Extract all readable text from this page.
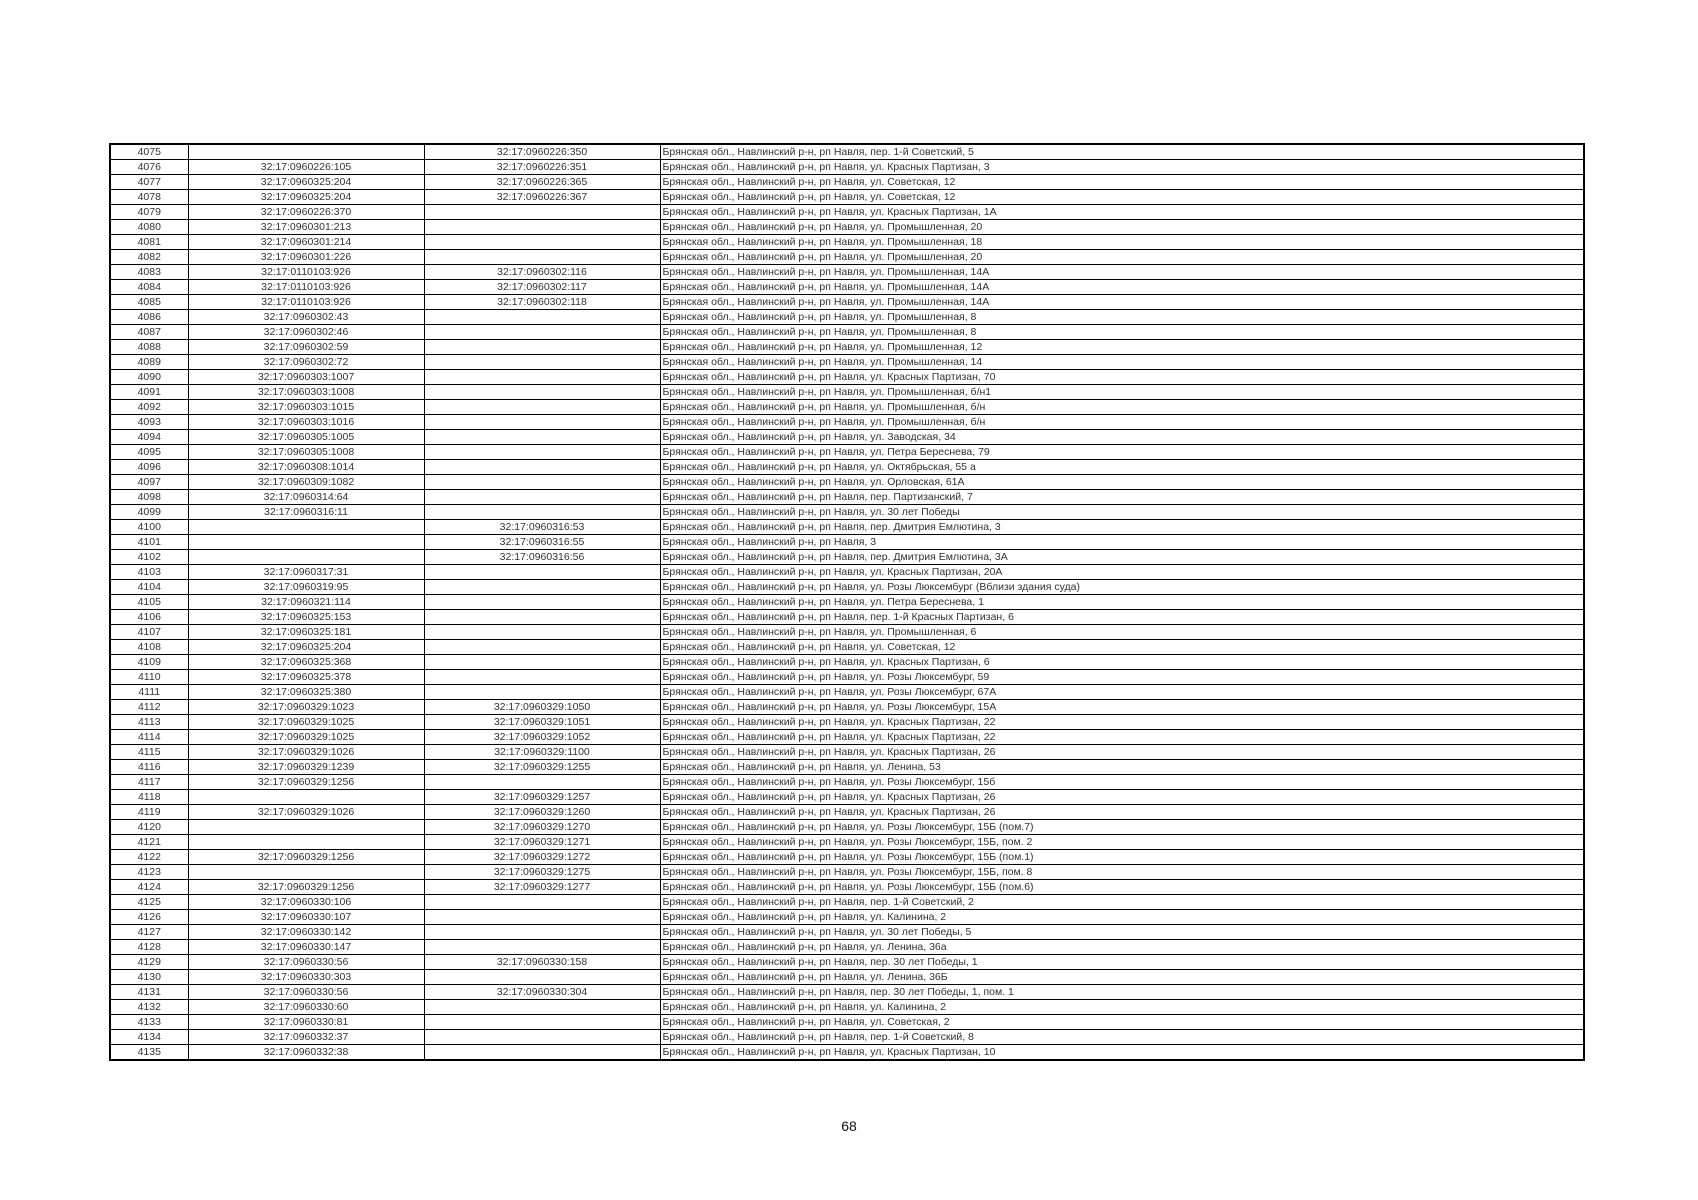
4075		32:17:0960226:350	Брянская обл., Навлинский р-н, рп Навля, пер. 1-й Советский, 5
4076	32:17:0960226:105	32:17:0960226:351	Брянская обл., Навлинский р-н, рп Навля, ул. Красных Партизан, 3
4077	32:17:0960325:204	32:17:0960226:365	Брянская обл., Навлинский р-н, рп Навля, ул. Советская, 12
4078	32:17:0960325:204	32:17:0960226:367	Брянская обл., Навлинский р-н, рп Навля, ул. Советская, 12
4079	32:17:0960226:370		Брянская обл., Навлинский р-н, рп Навля, ул. Красных Партизан, 1А
4080	32:17:0960301:213		Брянская обл., Навлинский р-н, рп Навля, ул. Промышленная, 20
4081	32:17:0960301:214		Брянская обл., Навлинский р-н, рп Навля, ул. Промышленная, 18
4082	32:17:0960301:226		Брянская обл., Навлинский р-н, рп Навля, ул. Промышленная, 20
4083	32:17:0110103:926	32:17:0960302:116	Брянская обл., Навлинский р-н, рп Навля, ул. Промышленная, 14А
4084	32:17:0110103:926	32:17:0960302:117	Брянская обл., Навлинский р-н, рп Навля, ул. Промышленная, 14А
4085	32:17:0110103:926	32:17:0960302:118	Брянская обл., Навлинский р-н, рп Навля, ул. Промышленная, 14А
4086	32:17:0960302:43		Брянская обл., Навлинский р-н, рп Навля, ул. Промышленная, 8
4087	32:17:0960302:46		Брянская обл., Навлинский р-н, рп Навля, ул. Промышленная, 8
4088	32:17:0960302:59		Брянская обл., Навлинский р-н, рп Навля, ул. Промышленная, 12
4089	32:17:0960302:72		Брянская обл., Навлинский р-н, рп Навля, ул. Промышленная, 14
4090	32:17:0960303:1007		Брянская обл., Навлинский р-н, рп Навля, ул. Красных Партизан, 70
4091	32:17:0960303:1008		Брянская обл., Навлинский р-н, рп Навля, ул. Промышленная, б/н1
4092	32:17:0960303:1015		Брянская обл., Навлинский р-н, рп Навля, ул. Промышленная, б/н
4093	32:17:0960303:1016		Брянская обл., Навлинский р-н, рп Навля, ул. Промышленная, б/н
4094	32:17:0960305:1005		Брянская обл., Навлинский р-н, рп Навля, ул. Заводская, 34
4095	32:17:0960305:1008		Брянская обл., Навлинский р-н, рп Навля, ул. Петра Береснева, 79
4096	32:17:0960308:1014		Брянская обл., Навлинский р-н, рп Навля, ул. Октябрьская, 55 а
4097	32:17:0960309:1082		Брянская обл., Навлинский р-н, рп Навля, ул. Орловская, 61А
4098	32:17:0960314:64		Брянская обл., Навлинский р-н, рп Навля, пер. Партизанский, 7
4099	32:17:0960316:11		Брянская обл., Навлинский р-н, рп Навля, ул. 30 лет Победы
4100		32:17:0960316:53	Брянская обл., Навлинский р-н, рп Навля, пер. Дмитрия Емлютина, 3
4101		32:17:0960316:55	Брянская обл., Навлинский р-н, рп Навля, 3
4102		32:17:0960316:56	Брянская обл., Навлинский р-н, рп Навля, пер. Дмитрия Емлютина, 3А
4103	32:17:0960317:31		Брянская обл., Навлинский р-н, рп Навля, ул. Красных Партизан, 20А
4104	32:17:0960319:95		Брянская обл., Навлинский р-н, рп Навля, ул. Розы Люксембург (Вблизи здания суда)
4105	32:17:0960321:114		Брянская обл., Навлинский р-н, рп Навля, ул. Петра Береснева, 1
4106	32:17:0960325:153		Брянская обл., Навлинский р-н, рп Навля, пер. 1-й Красных Партизан, 6
4107	32:17:0960325:181		Брянская обл., Навлинский р-н, рп Навля, ул. Промышленная, 6
4108	32:17:0960325:204		Брянская обл., Навлинский р-н, рп Навля, ул. Советская, 12
4109	32:17:0960325:368		Брянская обл., Навлинский р-н, рп Навля, ул. Красных Партизан, 6
4110	32:17:0960325:378		Брянская обл., Навлинский р-н, рп Навля, ул. Розы Люксембург, 59
4111	32:17:0960325:380		Брянская обл., Навлинский р-н, рп Навля, ул. Розы Люксембург, 67А
4112	32:17:0960329:1023	32:17:0960329:1050	Брянская обл., Навлинский р-н, рп Навля, ул. Розы Люксембург, 15А
4113	32:17:0960329:1025	32:17:0960329:1051	Брянская обл., Навлинский р-н, рп Навля, ул. Красных Партизан, 22
4114	32:17:0960329:1025	32:17:0960329:1052	Брянская обл., Навлинский р-н, рп Навля, ул. Красных Партизан, 22
4115	32:17:0960329:1026	32:17:0960329:1100	Брянская обл., Навлинский р-н, рп Навля, ул. Красных Партизан, 26
4116	32:17:0960329:1239	32:17:0960329:1255	Брянская обл., Навлинский р-н, рп Навля, ул. Ленина, 53
4117	32:17:0960329:1256		Брянская обл., Навлинский р-н, рп Навля, ул. Розы Люксембург, 15б
4118		32:17:0960329:1257	Брянская обл., Навлинский р-н, рп Навля, ул. Красных Партизан, 26
4119	32:17:0960329:1026	32:17:0960329:1260	Брянская обл., Навлинский р-н, рп Навля, ул. Красных Партизан, 26
4120		32:17:0960329:1270	Брянская обл., Навлинский р-н, рп Навля, ул. Розы Люксембург, 15Б (пом.7)
4121		32:17:0960329:1271	Брянская обл., Навлинский р-н, рп Навля, ул. Розы Люксембург, 15Б, пом. 2
4122	32:17:0960329:1256	32:17:0960329:1272	Брянская обл., Навлинский р-н, рп Навля, ул. Розы Люксембург, 15Б (пом.1)
4123		32:17:0960329:1275	Брянская обл., Навлинский р-н, рп Навля, ул. Розы Люксембург, 15Б, пом. 8
4124	32:17:0960329:1256	32:17:0960329:1277	Брянская обл., Навлинский р-н, рп Навля, ул. Розы Люксембург, 15Б (пом.6)
4125	32:17:0960330:106		Брянская обл., Навлинский р-н, рп Навля, пер. 1-й Советский, 2
4126	32:17:0960330:107		Брянская обл., Навлинский р-н, рп Навля, ул. Калинина, 2
4127	32:17:0960330:142		Брянская обл., Навлинский р-н, рп Навля, ул. 30 лет Победы, 5
4128	32:17:0960330:147		Брянская обл., Навлинский р-н, рп Навля, ул. Ленина, 36а
4129	32:17:0960330:56	32:17:0960330:158	Брянская обл., Навлинский р-н, рп Навля, пер. 30 лет Победы, 1
4130	32:17:0960330:303		Брянская обл., Навлинский р-н, рп Навля, ул. Ленина, 36Б
4131	32:17:0960330:56	32:17:0960330:304	Брянская обл., Навлинский р-н, рп Навля, пер. 30 лет Победы, 1, пом. 1
4132	32:17:0960330:60		Брянская обл., Навлинский р-н, рп Навля, ул. Калинина, 2
4133	32:17:0960330:81		Брянская обл., Навлинский р-н, рп Навля, ул. Советская, 2
4134	32:17:0960332:37		Брянская обл., Навлинский р-н, рп Навля, пер. 1-й Советский, 8
4135	32:17:0960332:38		Брянская обл., Навлинский р-н, рп Навля, ул. Красных Партизан, 10
68
